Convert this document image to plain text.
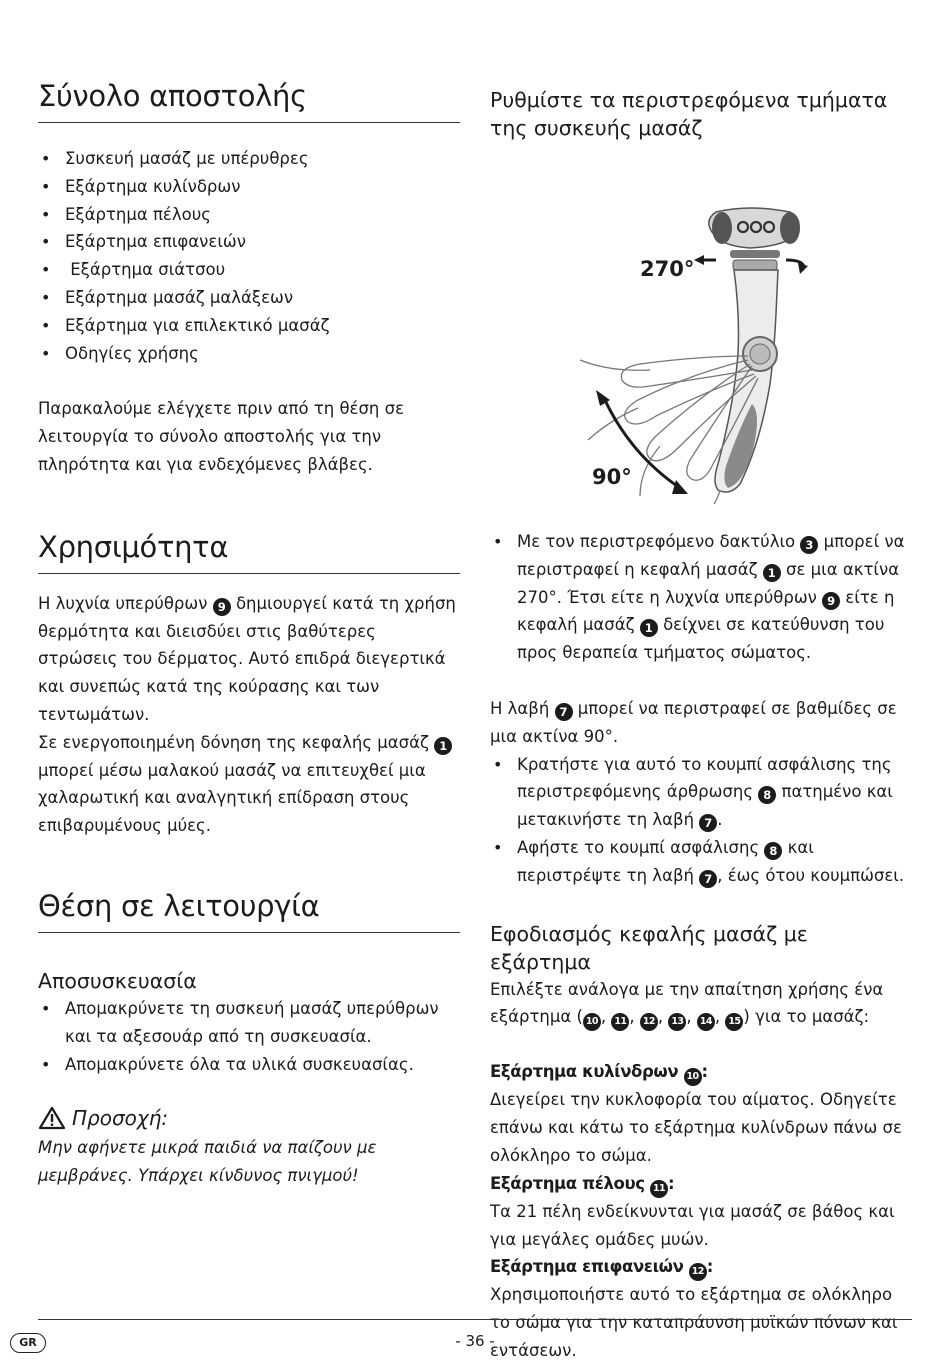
Σύνολο αποστολής
• Συσκευή μασάζ με υπέρυθρες
• Εξάρτημα κυλίνδρων
• Εξάρτημα πέλους
• Εξάρτημα επιφανειών
•  Εξάρτημα σιάτσου
• Εξάρτημα μασάζ μαλάξεων
• Εξάρτημα για επιλεκτικό μασάζ
• Οδηγίες χρήσης

Παρακαλούμε ελέγχετε πριν από τη θέση σε λειτουργία το σύνολο αποστολής για την πληρότητα και για ενδεχόμενες βλάβες.

Χρησιμότητα

Η λυχνία υπερύθρων 9 δημιουργεί κατά τη χρήση θερμότητα και διεισδύει στις βαθύτερες στρώσεις του δέρματος. Αυτό επιδρά διεγερτικά και συνεπώς κατά της κούρασης και των τεντωμάτων.

Σε ενεργοποιημένη δόνηση της κεφαλής μασάζ 1 μπορεί μέσω μαλακού μασάζ να επιτευχθεί μια χαλαρωτική και αναλγητική επίδραση στους επιβαρυμένους μύες.

Θέση σε λειτουργία
Αποσυσκευασία
• Απομακρύνετε τη συσκευή μασάζ υπερύθρων και τα αξεσουάρ από τη συσκευασία.
• Απομακρύνετε όλα τα υλικά συσκευασίας.
Προσοχή:

Μην αφήνετε μικρά παιδιά να παίζουν με μεμβράνες. Υπάρχει κίνδυνος πνιγμού!

Ρυθμίστε τα περιστρεφόμενα τμήματα της συσκευής μασάζ
270°
90°
• Με τον περιστρεφόμενο δακτύλιο 3 μπορεί να περιστραφεί η κεφαλή μασάζ 1 σε μια ακτίνα 270°. Έτσι είτε η λυχνία υπερύθρων 9 είτε η κεφαλή μασάζ 1 δείχνει σε κατεύθυνση του προς θεραπεία τμήματος σώματος.

Η λαβή 7 μπορεί να περιστραφεί σε βαθμίδες σε μια ακτίνα 90°.

• Κρατήστε για αυτό το κουμπί ασφάλισης της περιστρεφόμενης άρθρωσης 8 πατημένο και μετακινήστε τη λαβή 7 .
• Αφήστε το κουμπί ασφάλισης 8 και περιστρέψτε τη λαβή 7 , έως ότου κουμπώσει.
Εφοδιασμός κεφαλής μασάζ με εξάρτημα

Επιλέξτε ανάλογα με την απαίτηση χρήσης ένα εξάρτημα ( 10 , 11 , 12 , 13 , 14 , 15 ) για το μασάζ:

Εξάρτημα κυλίνδρων 10 :

Διεγείρει την κυκλοφορία του αίματος. Οδηγείτε επάνω και κάτω το εξάρτημα κυλίνδρων πάνω σε ολόκληρο το σώμα.

Εξάρτημα πέλους 11 :

Τα 21 πέλη ενδείκνυνται για μασάζ σε βάθος και για μεγάλες ομάδες μυών.

Εξάρτημα επιφανειών 12 :

Χρησιμοποιήστε αυτό το εξάρτημα σε ολόκληρο το σώμα για την καταπράυνση μυϊκών πόνων και εντάσεων.

GR	- 36 -
